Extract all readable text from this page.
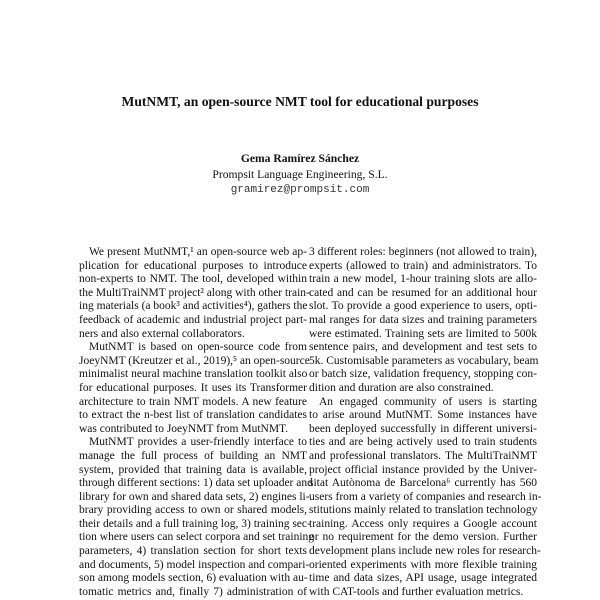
MutNMT, an open-source NMT tool for educational purposes
Gema Ramírez Sánchez
Prompsit Language Engineering, S.L.
gramirez@prompsit.com
We present MutNMT,¹ an open-source web ap-
plication for educational purposes to introduce
non-experts to NMT. The tool, developed within
the MultiTraiNMT project² along with other train-
ing materials (a book³ and activities⁴), gathers the
feedback of academic and industrial project part-
ners and also external collaborators.
MutNMT is based on open-source code from
JoeyNMT (Kreutzer et al., 2019),⁵ an open-source
minimalist neural machine translation toolkit also
for educational purposes. It uses its Transformer
architecture to train NMT models. A new feature
to extract the n-best list of translation candidates
was contributed to JoeyNMT from MutNMT.
MutNMT provides a user-friendly interface to
manage the full process of building an NMT
system, provided that training data is available,
through different sections: 1) data set uploader and
library for own and shared data sets, 2) engines li-
brary providing access to own or shared models,
their details and a full training log, 3) training sec-
tion where users can select corpora and set training
parameters, 4) translation section for short texts
and documents, 5) model inspection and compari-
son among models section, 6) evaluation with au-
tomatic metrics and, finally 7) administration of
3 different roles: beginners (not allowed to train),
experts (allowed to train) and administrators. To
train a new model, 1-hour training slots are allo-
cated and can be resumed for an additional hour
slot. To provide a good experience to users, opti-
mal ranges for data sizes and training parameters
were estimated. Training sets are limited to 500k
sentence pairs, and development and test sets to
5k. Customisable parameters as vocabulary, beam
or batch size, validation frequency, stopping con-
dition and duration are also constrained.
An engaged community of users is starting
to arise around MutNMT. Some instances have
been deployed successfully in different universi-
ties and are being actively used to train students
and professional translators. The MultiTraiNMT
project official instance provided by the Univer-
sitat Autònoma de Barcelona⁶ currently has 560
users from a variety of companies and research in-
stitutions mainly related to translation technology
training. Access only requires a Google account
or no requirement for the demo version. Further
development plans include new roles for research-
oriented experiments with more flexible training
time and data sizes, API usage, usage integrated
with CAT-tools and further evaluation metrics.
